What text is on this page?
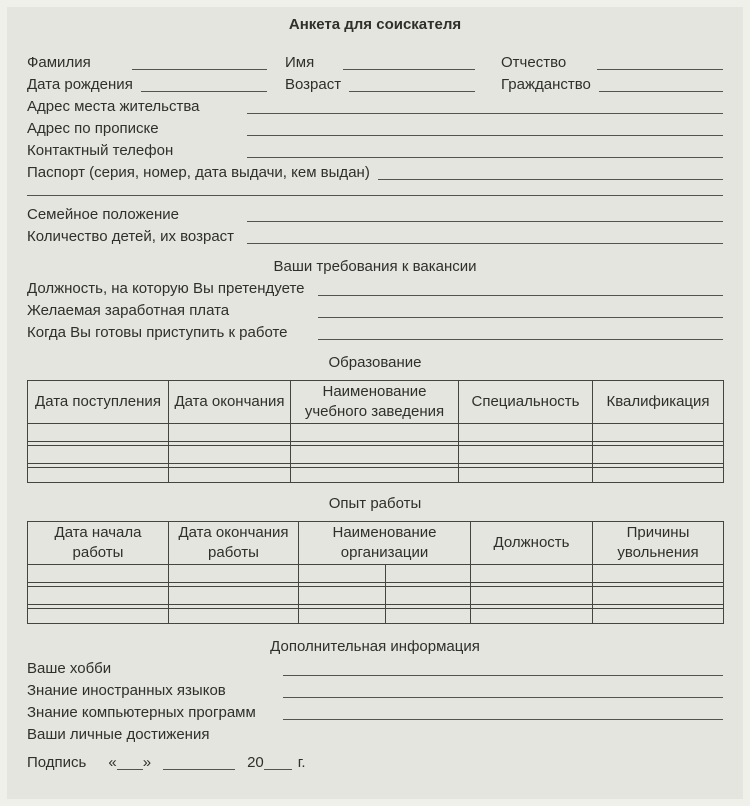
Анкета для соискателя
Фамилия	Имя	Отчество
Дата рождения	Возраст	Гражданство
Адрес места жительства
Адрес по прописке
Контактный телефон
Паспорт (серия, номер, дата выдачи, кем выдан)
Семейное положение
Количество детей, их возраст
Ваши требования к вакансии
Должность, на которую Вы претендуете
Желаемая заработная плата
Когда Вы готовы приступить к работе
Образование
Дата поступления	Дата окончания	Наименование учебного заведения	Специальность	Квалификация

Опыт работы
Дата начала работы	Дата окончания работы	Наименование организации		Должность	Причины увольнения

Дополнительная информация
Ваше хобби
Знание иностранных языков
Знание компьютерных программ
Ваши личные достижения
Подпись « »	20 г.
